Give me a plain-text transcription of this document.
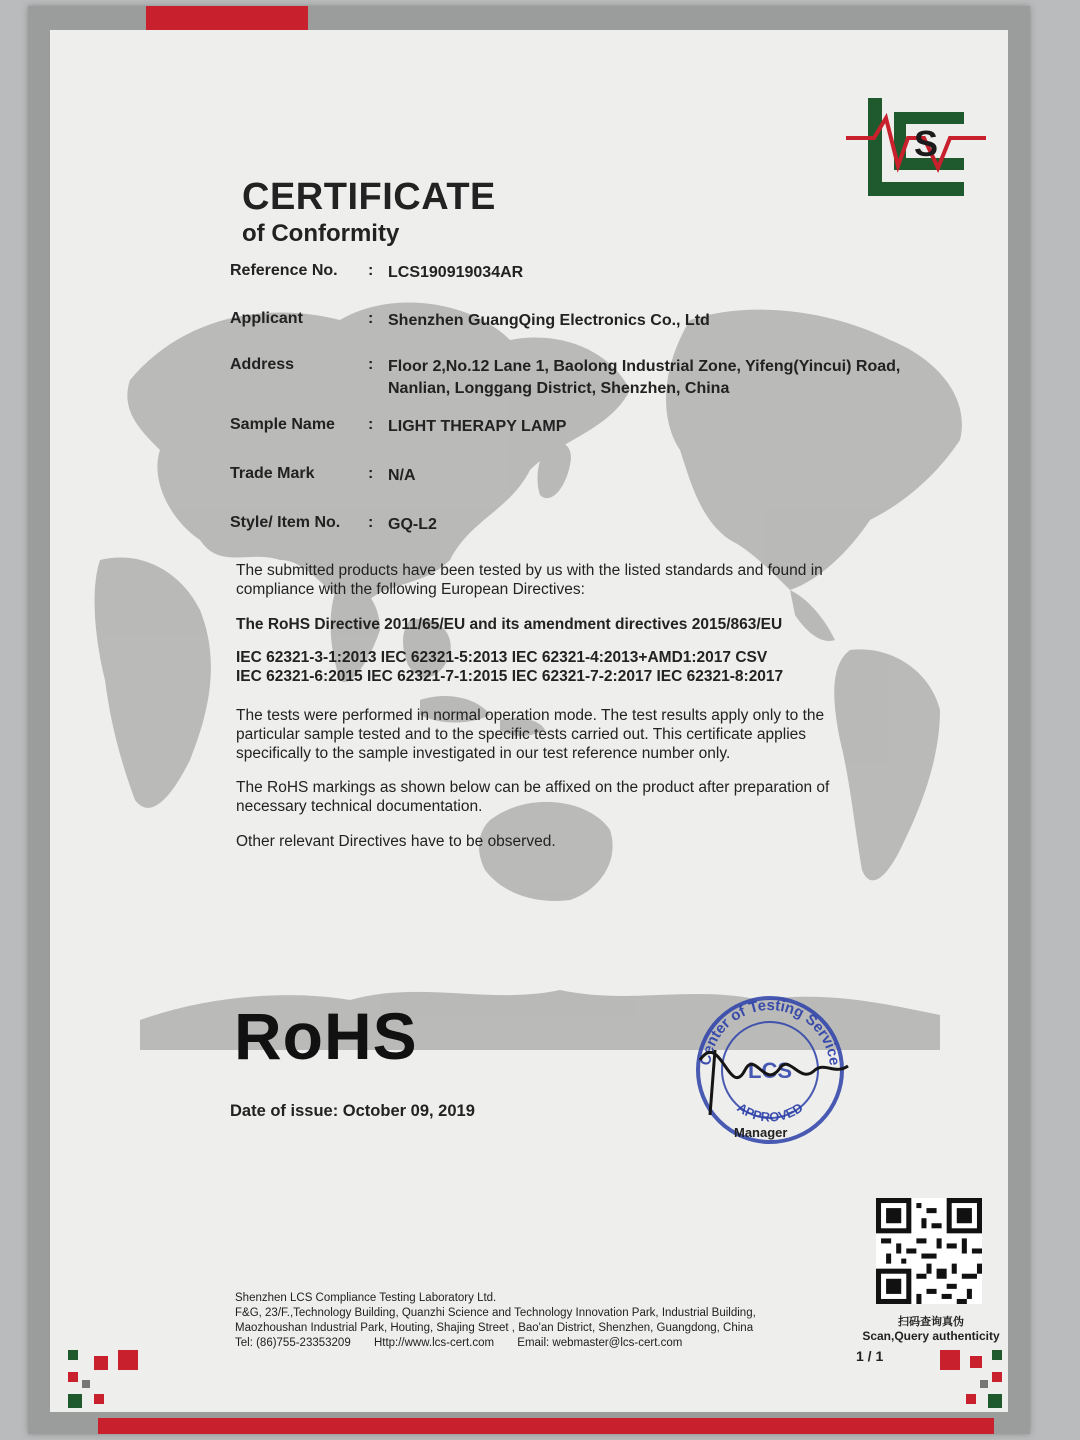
S
CERTIFICATE
of Conformity
Reference No.	: LCS190919034AR
Applicant	: Shenzhen GuangQing Electronics Co., Ltd
Address	: Floor 2,No.12 Lane 1, Baolong Industrial Zone, Yifeng(Yincui) Road,
Nanlian, Longgang District, Shenzhen, China
Sample Name	: LIGHT THERAPY LAMP
Trade Mark	: N/A
Style/ Item No.	: GQ-L2
The submitted products have been tested by us with the listed standards and found in
compliance with the following European Directives:
The RoHS Directive 2011/65/EU and its amendment directives 2015/863/EU
IEC 62321-3-1:2013 IEC 62321-5:2013 IEC 62321-4:2013+AMD1:2017 CSV
IEC 62321-6:2015 IEC 62321-7-1:2015 IEC 62321-7-2:2017 IEC 62321-8:2017
The tests were performed in normal operation mode. The test results apply only to the
particular sample tested and to the specific tests carried out. This certificate applies
specifically to the sample investigated in our test reference number only.
The RoHS markings as shown below can be affixed on the product after preparation of
necessary technical documentation.
Other relevant Directives have to be observed.
RoHS
Date of issue: October 09, 2019
Center of Testing Service
APPROVED
LCS
Manager
扫码查询真伪
Scan,Query authenticity
1 / 1
Shenzhen LCS Compliance Testing Laboratory Ltd.
F&G, 23/F.,Technology Building, Quanzhi Science and Technology Innovation Park, Industrial Building,
Maozhoushan Industrial Park, Houting, Shajing Street , Bao'an District, Shenzhen, Guangdong, China
Tel: (86)755-23353209 Http://www.lcs-cert.com Email: webmaster@lcs-cert.com
